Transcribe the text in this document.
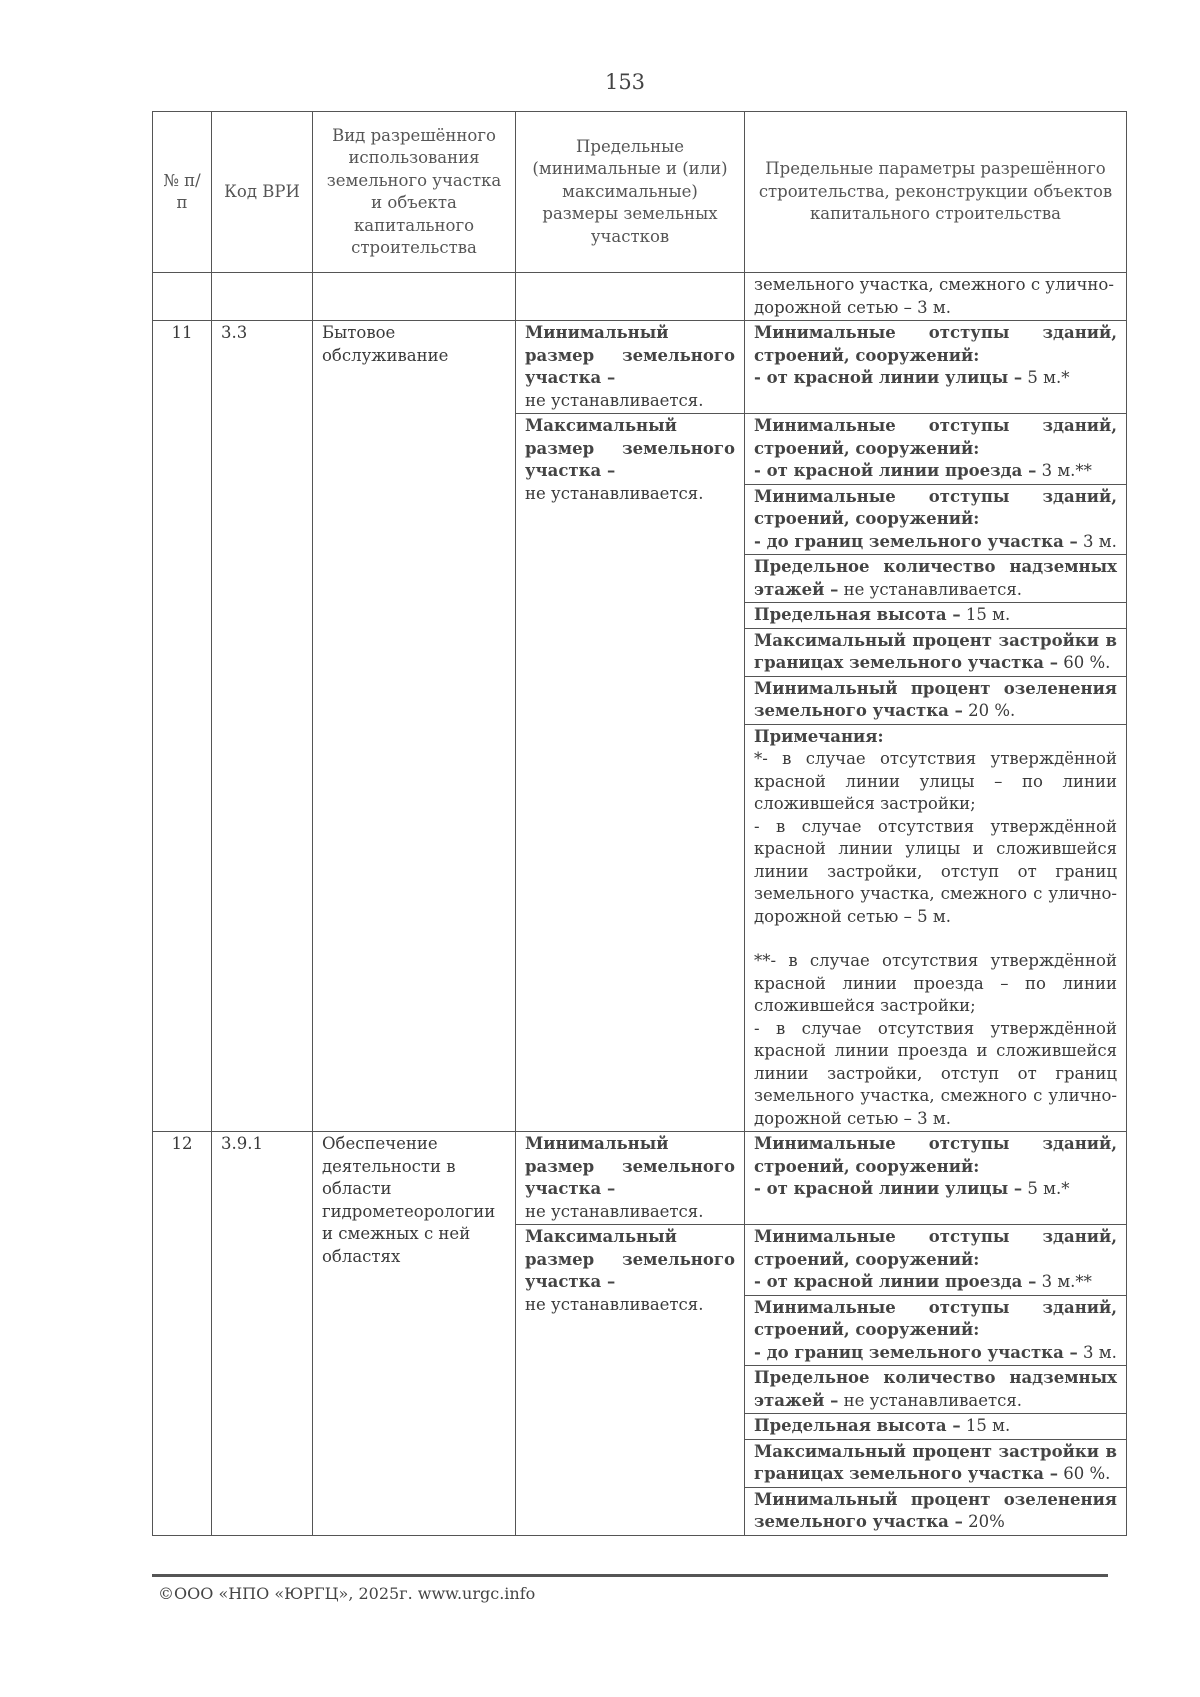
153
№ п/п	Код ВРИ	Вид разрешённого использования земельного участка и объекта капитального строительства	Предельные (минимальные и (или) максимальные) размеры земельных участков	Предельные параметры разрешённого строительства, реконструкции объектов капитального строительства

				земельного участка, смежного с улично-
дорожной сетью – 3 м.

11	3.3	Бытовое обслуживание	Минимальный размер земельного участка –
не устанавливается.	Минимальные отступы зданий, строений, сооружений:
- от красной линии улицы – 5 м.*

			Максимальный размер земельного участка –
не устанавливается.	Минимальные отступы зданий, строений, сооружений:
- от красной линии проезда – 3 м.**

				Минимальные отступы зданий, строений, сооружений:
- до границ земельного участка – 3 м.

				Предельное количество надземных этажей – не устанавливается.
				Предельная высота – 15 м.
				Максимальный процент застройки в границах земельного участка – 60 %.
				Минимальный процент озеленения земельного участка – 20 %.

				Примечания:
*- в случае отсутствия утверждённой красной линии улицы – по линии сложившейся застройки;
- в случае отсутствия утверждённой красной линии улицы и сложившейся линии застройки, отступ от границ земельного участка, смежного с улично-дорожной сетью – 5 м.
**- в случае отсутствия утверждённой красной линии проезда – по линии сложившейся застройки;
- в случае отсутствия утверждённой красной линии проезда и сложившейся линии застройки, отступ от границ земельного участка, смежного с улично-дорожной сетью – 3 м.

12	3.9.1	Обеспечение деятельности в области гидрометеорологии и смежных с ней областях	Минимальный размер земельного участка –
не устанавливается.	Минимальные отступы зданий, строений, сооружений:
- от красной линии улицы – 5 м.*

			Максимальный размер земельного участка –
не устанавливается.	Минимальные отступы зданий, строений, сооружений:
- от красной линии проезда – 3 м.**

				Минимальные отступы зданий, строений, сооружений:
- до границ земельного участка – 3 м.

				Предельное количество надземных этажей – не устанавливается.
				Предельная высота – 15 м.
				Максимальный процент застройки в границах земельного участка – 60 %.
				Минимальный процент озеленения земельного участка – 20%
©ООО «НПО «ЮРГЦ», 2025г. www.urgc.info
